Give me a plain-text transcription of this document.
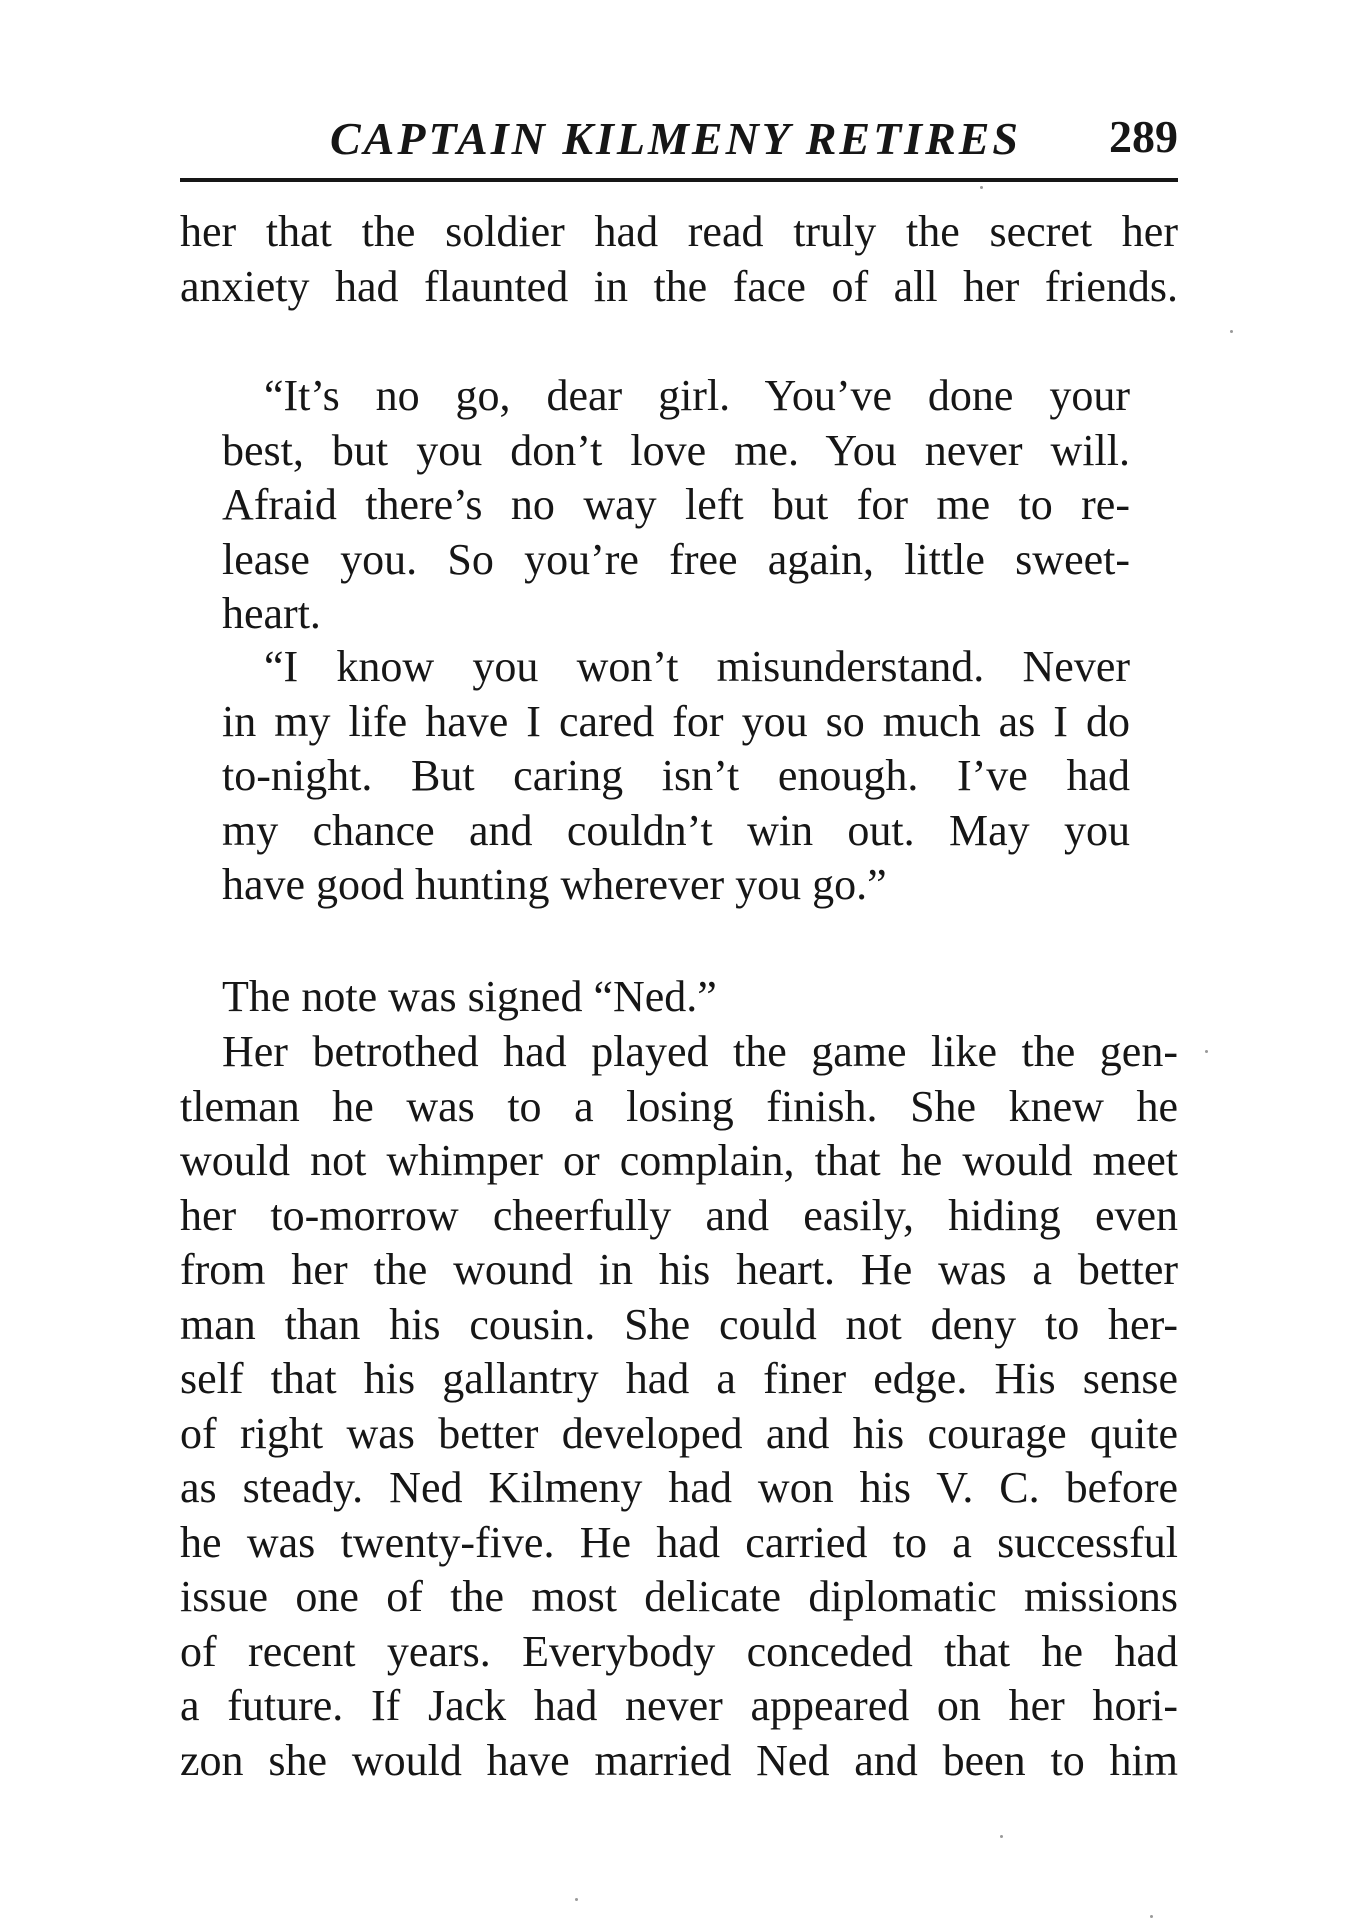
CAPTAIN KILMENY RETIRES 289
her that the soldier had read truly the secret her
anxiety had flaunted in the face of all her friends.
“It’s no go, dear girl. You’ve done your
best, but you don’t love me. You never will.
Afraid there’s no way left but for me to re-
lease you. So you’re free again, little sweet-
heart.
“I know you won’t misunderstand. Never
in my life have I cared for you so much as I do
to-night. But caring isn’t enough. I’ve had
my chance and couldn’t win out. May you
have good hunting wherever you go.”
The note was signed “Ned.”
Her betrothed had played the game like the gen-
tleman he was to a losing finish. She knew he
would not whimper or complain, that he would meet
her to-morrow cheerfully and easily, hiding even
from her the wound in his heart. He was a better
man than his cousin. She could not deny to her-
self that his gallantry had a finer edge. His sense
of right was better developed and his courage quite
as steady. Ned Kilmeny had won his V. C. before
he was twenty-five. He had carried to a successful
issue one of the most delicate diplomatic missions
of recent years. Everybody conceded that he had
a future. If Jack had never appeared on her hori-
zon she would have married Ned and been to him
